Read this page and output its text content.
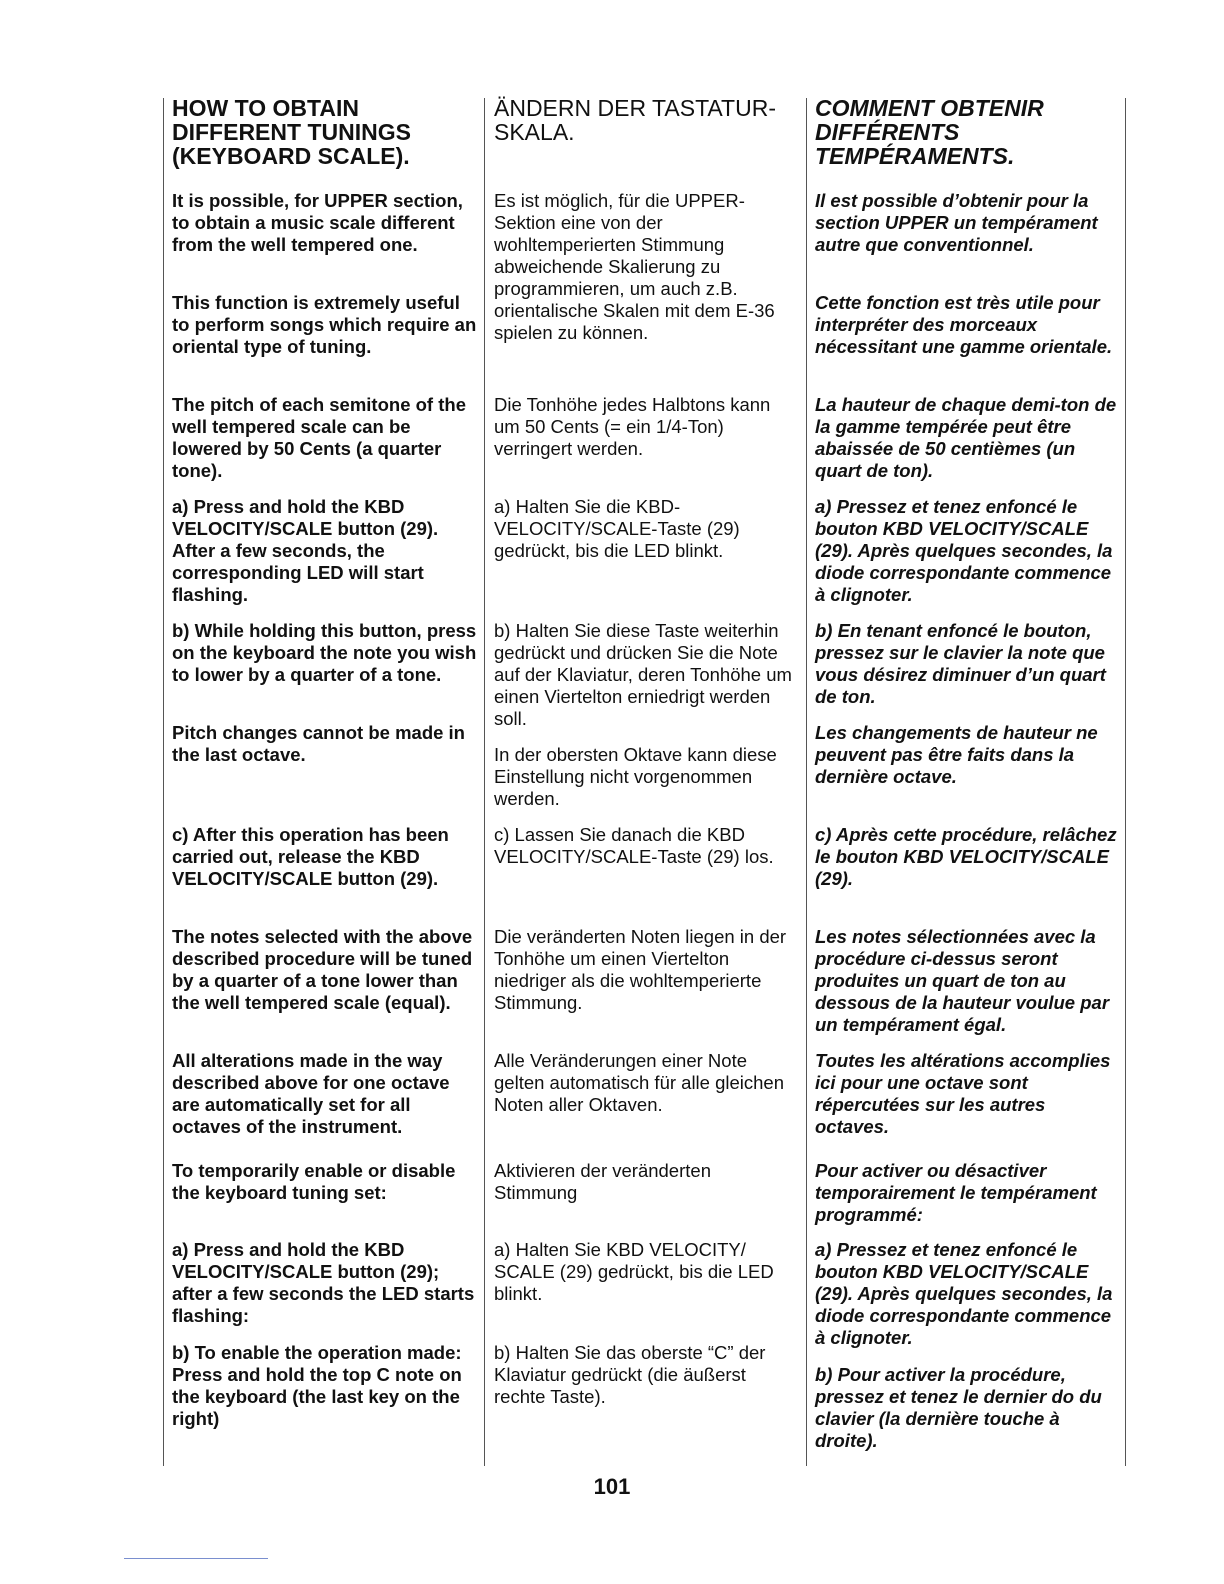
HOW TO OBTAIN
DIFFERENT TUNINGS
(KEYBOARD SCALE).

It is possible, for UPPER section, to obtain a music scale different from the well tempered one.

This function is extremely useful to perform songs which require an oriental type of tuning.

The pitch of each semitone of the well tempered scale can be lowered by 50 Cents (a quarter tone).

a) Press and hold the KBD VELOCITY/SCALE button (29). After a few seconds, the corresponding LED will start flashing.

b) While holding this button, press on the keyboard the note you wish to lower by a quarter of a tone.

Pitch changes cannot be made in the last octave.

c) After this operation has been carried out, release the KBD VELOCITY/SCALE button (29).

The notes selected with the above described procedure will be tuned by a quarter of a tone lower than the well tempered scale (equal).

All alterations made in the way described above for one octave are automatically set for all octaves of the instrument.

To temporarily enable or disable the keyboard tuning set:

a) Press and hold the KBD VELOCITY/SCALE button (29); after a few seconds the LED starts flashing:

b) To enable the operation made: Press and hold the top C note on the keyboard (the last key on the right)

ÄNDERN DER TASTATUR-
SKALA.

Es ist möglich, für die UPPER-Sektion eine von der wohltemperierten Stimmung abweichende Skalierung zu programmieren, um auch z.B. orientalische Skalen mit dem E-36 spielen zu können.

Die Tonhöhe jedes Halbtons kann um 50 Cents (= ein 1/4-Ton) verringert werden.

a) Halten Sie die KBD-VELOCITY/SCALE-Taste (29) gedrückt, bis die LED blinkt.

b) Halten Sie diese Taste weiterhin gedrückt und drücken Sie die Note auf der Klaviatur, deren Tonhöhe um einen Viertelton erniedrigt werden soll.

In der obersten Oktave kann diese Einstellung nicht vorgenommen werden.

c) Lassen Sie danach die KBD VELOCITY/SCALE-Taste (29) los.

Die veränderten Noten liegen in der Tonhöhe um einen Viertelton niedriger als die wohltemperierte Stimmung.

Alle Veränderungen einer Note gelten automatisch für alle gleichen Noten aller Oktaven.

Aktivieren der veränderten Stimmung

a) Halten Sie KBD VELOCITY/ SCALE (29) gedrückt, bis die LED blinkt.

b) Halten Sie das oberste “C” der Klaviatur gedrückt (die äußerst rechte Taste).

COMMENT OBTENIR
DIFFÉRENTS
TEMPÉRAMENTS.

Il est possible d’obtenir pour la section UPPER un tempérament autre que conventionnel.

Cette fonction est très utile pour interpréter des morceaux nécessitant une gamme orientale.

La hauteur de chaque demi-ton de la gamme tempérée peut être abaissée de 50 centièmes (un quart de ton).

a) Pressez et tenez enfoncé le bouton KBD VELOCITY/SCALE (29). Après quelques secondes, la diode correspondante commence à clignoter.

b) En tenant enfoncé le bouton, pressez sur le clavier la note que vous désirez diminuer d’un quart de ton.

Les changements de hauteur ne peuvent pas être faits dans la dernière octave.

c) Après cette procédure, relâchez le bouton KBD VELOCITY/SCALE (29).

Les notes sélectionnées avec la procédure ci-dessus seront produites un quart de ton au dessous de la hauteur voulue par un tempérament égal.

Toutes les altérations accomplies ici pour une octave sont répercutées sur les autres octaves.

Pour activer ou désactiver temporairement le tempérament programmé:

a) Pressez et tenez enfoncé le bouton KBD VELOCITY/SCALE (29). Après quelques secondes, la diode correspondante commence à clignoter.

b) Pour activer la procédure, pressez et tenez le dernier do du clavier (la dernière touche à droite).

101
